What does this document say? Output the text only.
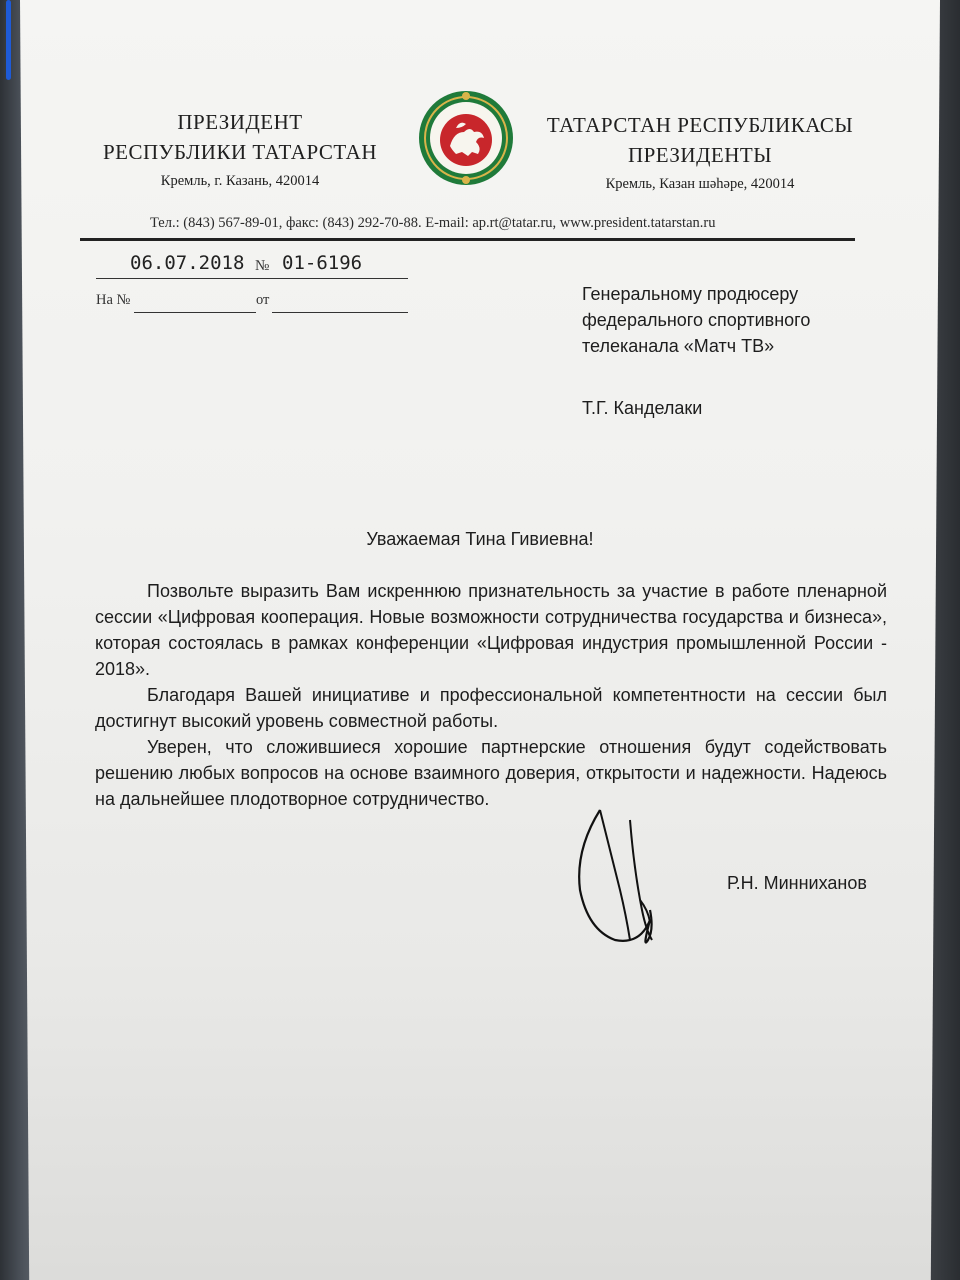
ПРЕЗИДЕНТ
РЕСПУБЛИКИ ТАТАРСТАН
Кремль, г. Казань, 420014
ТАТАРСТАН РЕСПУБЛИКАСЫ
ПРЕЗИДЕНТЫ
Кремль, Казан шәһәре, 420014
Тел.: (843) 567-89-01, факс: (843) 292-70-88. E-mail: ap.rt@tatar.ru, www.president.tatarstan.ru
06.07.2018 № 01-6196
На №	от	Генеральному продюсеру
федерального спортивного
телеканала «Матч ТВ»
Т.Г. Канделаки
Уважаемая Тина Гивиевна!

Позвольте выразить Вам искреннюю признательность за участие в работе пленарной сессии «Цифровая кооперация. Новые возможности сотрудничества государства и бизнеса», которая состоялась в рамках конференции «Цифровая индустрия промышленной России - 2018».

Благодаря Вашей инициативе и профессиональной компетентности на сессии был достигнут высокий уровень совместной работы.

Уверен, что сложившиеся хорошие партнерские отношения будут содействовать решению любых вопросов на основе взаимного доверия, открытости и надежности. Надеюсь на дальнейшее плодотворное сотрудничество.

Р.Н. Минниханов
